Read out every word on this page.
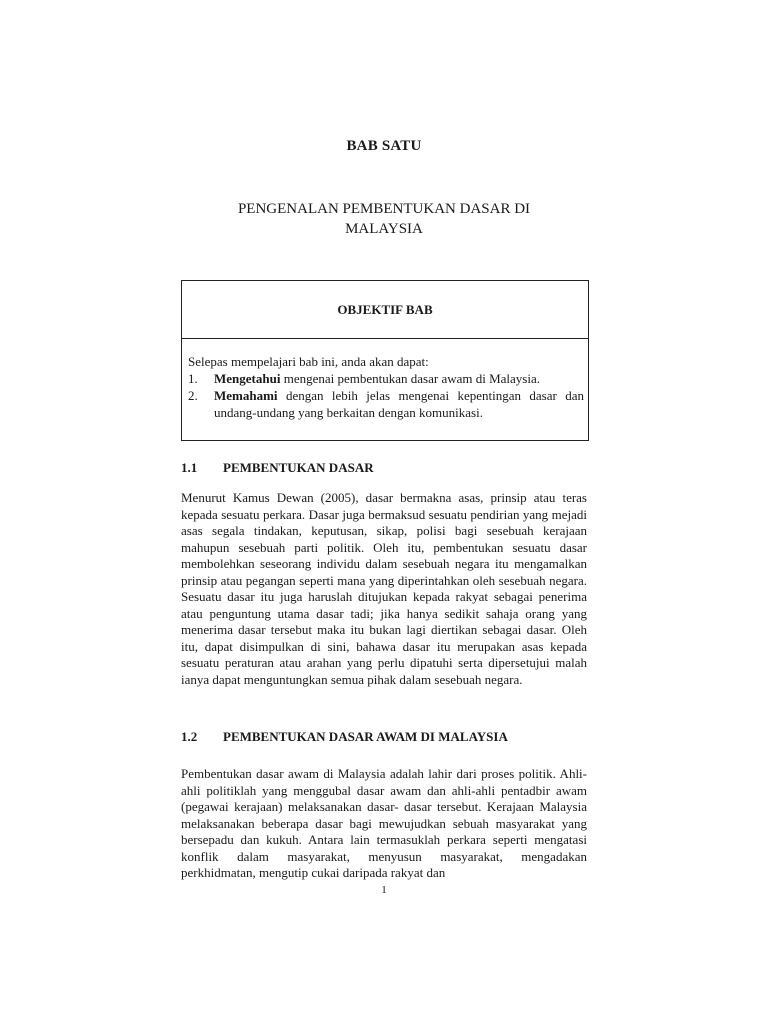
BAB SATU
PENGENALAN PEMBENTUKAN DASAR DI
MALAYSIA
OBJEKTIF BAB
Selepas mempelajari bab ini, anda akan dapat:
1.	Mengetahui mengenai pembentukan dasar awam di Malaysia.
2.	Memahami dengan lebih jelas mengenai kepentingan dasar dan undang-undang yang berkaitan dengan komunikasi.
1.1	PEMBENTUKAN DASAR

Menurut Kamus Dewan (2005), dasar bermakna asas, prinsip atau teras kepada sesuatu perkara. Dasar juga bermaksud sesuatu pendirian yang mejadi asas segala tindakan, keputusan, sikap, polisi bagi sesebuah kerajaan mahupun sesebuah parti politik. Oleh itu, pembentukan sesuatu dasar membolehkan seseorang individu dalam sesebuah negara itu mengamalkan prinsip atau pegangan seperti mana yang diperintahkan oleh sesebuah negara. Sesuatu dasar itu juga haruslah ditujukan kepada rakyat sebagai penerima atau penguntung utama dasar tadi; jika hanya sedikit sahaja orang yang menerima dasar tersebut maka itu bukan lagi diertikan sebagai dasar. Oleh itu, dapat disimpulkan di sini, bahawa dasar itu merupakan asas kepada sesuatu peraturan atau arahan yang perlu dipatuhi serta dipersetujui malah ianya dapat menguntungkan semua pihak dalam sesebuah negara.

1.2	PEMBENTUKAN DASAR AWAM DI MALAYSIA

Pembentukan dasar awam di Malaysia adalah lahir dari proses politik. Ahli-ahli politiklah yang menggubal dasar awam dan ahli-ahli pentadbir awam (pegawai kerajaan) melaksanakan dasar- dasar tersebut. Kerajaan Malaysia melaksanakan beberapa dasar bagi mewujudkan sebuah masyarakat yang bersepadu dan kukuh. Antara lain termasuklah perkara seperti mengatasi konflik dalam masyarakat, menyusun masyarakat, mengadakan perkhidmatan, mengutip cukai daripada rakyat dan

1
